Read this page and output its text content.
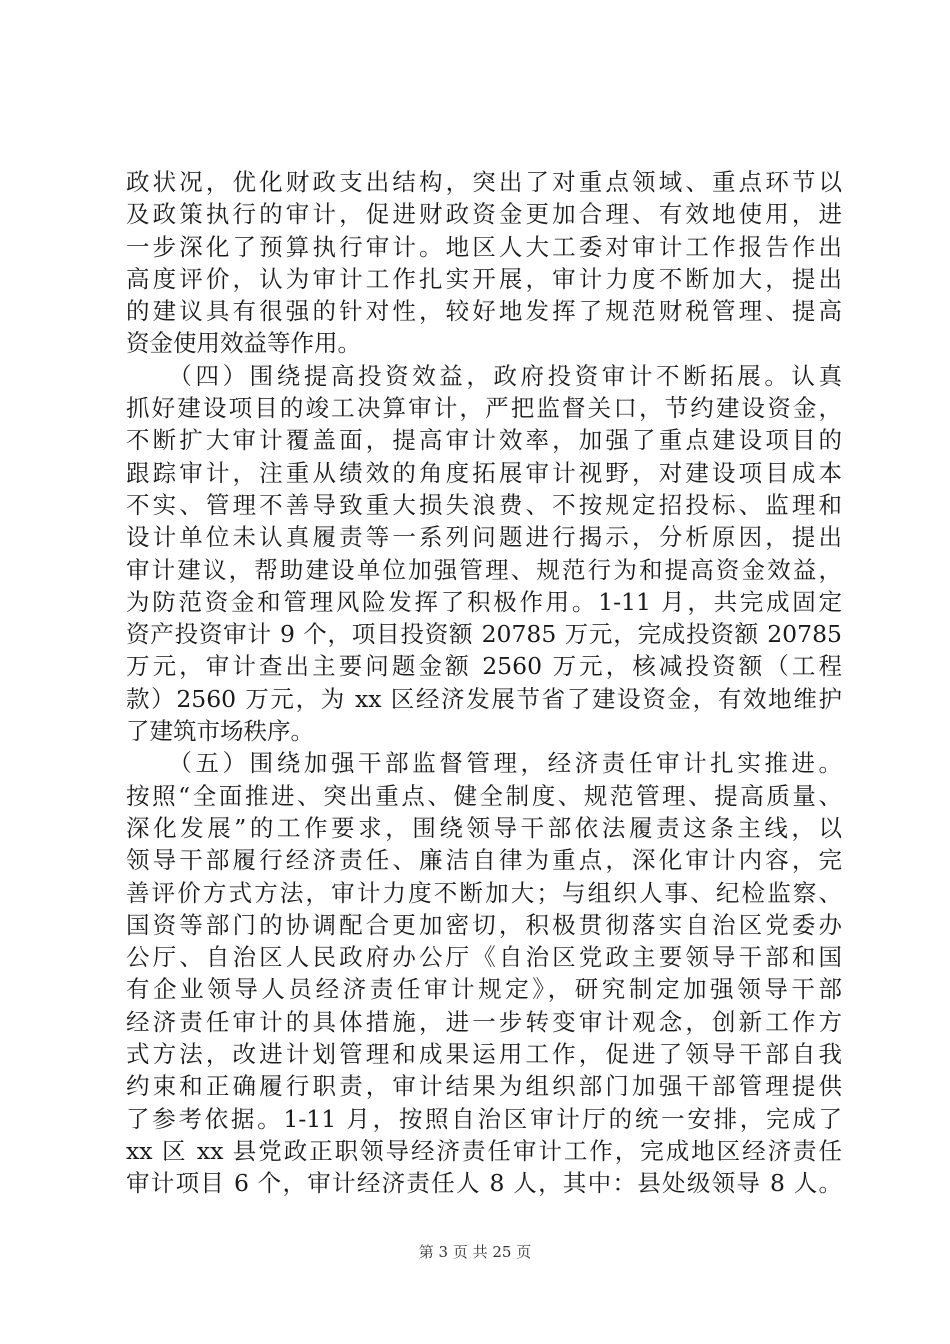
政状况，优化财政支出结构，突出了对重点领域、重点环节以
及政策执行的审计，促进财政资金更加合理、有效地使用，进
一步深化了预算执行审计。地区人大工委对审计工作报告作出
高度评价，认为审计工作扎实开展，审计力度不断加大，提出
的建议具有很强的针对性，较好地发挥了规范财税管理、提高
资金使用效益等作用。
　　（四）围绕提高投资效益，政府投资审计不断拓展。认真
抓好建设项目的竣工决算审计，严把监督关口，节约建设资金，
不断扩大审计覆盖面，提高审计效率，加强了重点建设项目的
跟踪审计，注重从绩效的角度拓展审计视野，对建设项目成本
不实、管理不善导致重大损失浪费、不按规定招投标、监理和
设计单位未认真履责等一系列问题进行揭示，分析原因，提出
审计建议，帮助建设单位加强管理、规范行为和提高资金效益，
为防范资金和管理风险发挥了积极作用。1-11 月，共完成固定
资产投资审计 9 个，项目投资额 20785 万元，完成投资额 20785
万元，审计查出主要问题金额 2560 万元，核减投资额（工程
款）2560 万元，为 xx 区经济发展节省了建设资金，有效地维护
了建筑市场秩序。
　　（五）围绕加强干部监督管理，经济责任审计扎实推进。
按照“全面推进、突出重点、健全制度、规范管理、提高质量、
深化发展”的工作要求，围绕领导干部依法履责这条主线，以
领导干部履行经济责任、廉洁自律为重点，深化审计内容，完
善评价方式方法，审计力度不断加大；与组织人事、纪检监察、
国资等部门的协调配合更加密切，积极贯彻落实自治区党委办
公厅、自治区人民政府办公厅《自治区党政主要领导干部和国
有企业领导人员经济责任审计规定》，研究制定加强领导干部
经济责任审计的具体措施，进一步转变审计观念，创新工作方
式方法，改进计划管理和成果运用工作，促进了领导干部自我
约束和正确履行职责，审计结果为组织部门加强干部管理提供
了参考依据。1-11 月，按照自治区审计厅的统一安排，完成了
xx 区 xx 县党政正职领导经济责任审计工作，完成地区经济责任
审计项目 6 个，审计经济责任人 8 人，其中：县处级领导 8 人。
第 3 页 共 25 页
